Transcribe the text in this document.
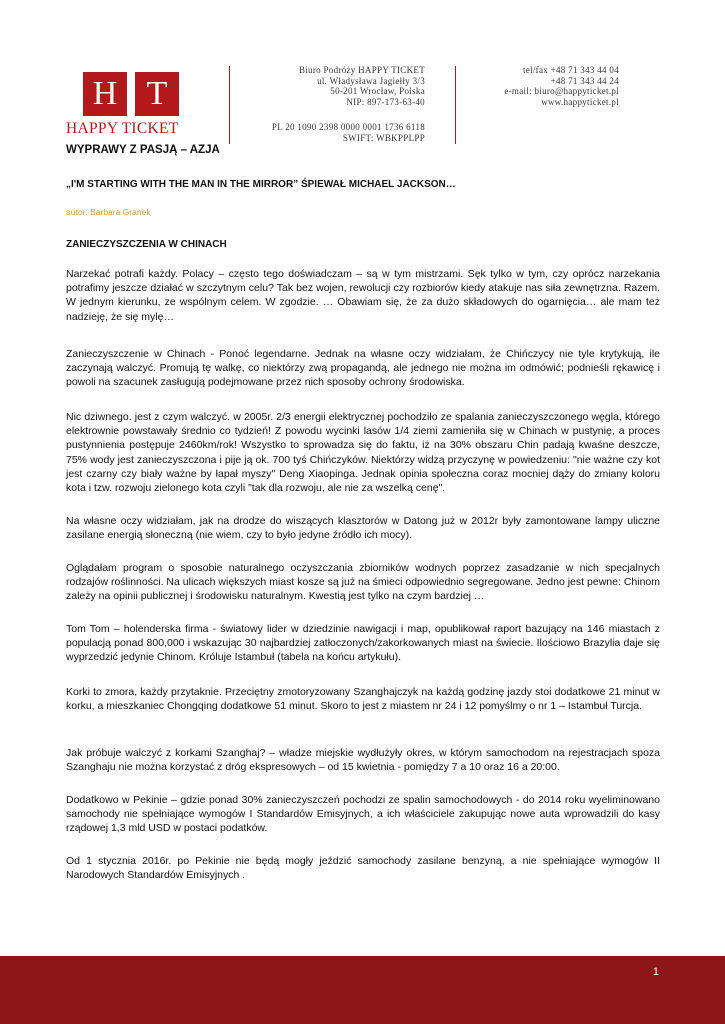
H T
HAPPY TICKET
Biuro Podróży HAPPY TICKET
ul. Władysława Jagiełły 3/3
50-201 Wrocław, Polska
NIP: 897-173-63-40
PL 20 1090 2398 0000 0001 1736 6118
SWIFT: WBKPPLPP
tel/fax +48 71 343 44 04
+48 71 343 44 24
e-mail: biuro@happyticket.pl
www.happyticket.pl
WYPRAWY Z PASJĄ – AZJA
„I'M STARTING WITH THE MAN IN THE MIRROR” ŚPIEWAŁ MICHAEL JACKSON…
autor: Barbara Granek
ZANIECZYSZCZENIA W CHINACH
Narzekać potrafi każdy. Polacy – często tego doświadczam – są w tym mistrzami. Sęk tylko w tym, czy oprócz narzekania potrafimy jeszcze działać w szczytnym celu? Tak bez wojen, rewolucji czy rozbiorów kiedy atakuje nas siła zewnętrzna. Razem. W jednym kierunku, ze wspólnym celem. W zgodzie. … Obawiam się, że za dużo składowych do ogarnięcia… ale mam też nadzieję, że się mylę…
Zanieczyszczenie w Chinach - Ponoć legendarne. Jednak na własne oczy widziałam, że Chińczycy nie tyle krytykują, ile zaczynają walczyć. Promują tę walkę, co niektórzy zwą propagandą, ale jednego nie można im odmówić; podnieśli rękawicę i powoli na szacunek zasługują podejmowane przez nich sposoby ochrony środowiska.
Nic dziwnego. jest z czym walczyć. w 2005r. 2/3 energii elektrycznej pochodziło ze spalania zanieczyszczonego węgla, którego elektrownie powstawały średnio co tydzień! Z powodu wycinki lasów 1/4 ziemi zamieniła się w Chinach w pustynię, a proces pustynnienia postępuje 2460km/rok! Wszystko to sprowadza się do faktu, iż na 30% obszaru Chin padają kwaśne deszcze, 75% wody jest zanieczyszczona i pije ją ok. 700 tyś Chińczyków. Niektórzy widzą przyczynę w powiedzeniu: "nie ważne czy kot jest czarny czy biały ważne by łapał myszy" Deng Xiaopinga. Jednak opinia społeczna coraz mocniej dąży do zmiany koloru kota i tzw. rozwoju zielonego kota czyli "tak dla rozwoju, ale nie za wszelką cenę".
Na własne oczy widziałam, jak na drodze do wiszących klasztorów w Datong już w 2012r były zamontowane lampy uliczne zasilane energią słoneczną (nie wiem, czy to było jedyne źródło ich mocy).
Oglądałam program o sposobie naturalnego oczyszczania zbiorników wodnych poprzez zasadzanie w nich specjalnych rodzajów roślinności. Na ulicach większych miast kosze są już na śmieci odpowiednio segregowane. Jedno jest pewne: Chinom zależy na opinii publicznej i środowisku naturalnym. Kwestią jest tylko na czym bardziej …
Tom Tom – holenderska firma - światowy lider w dziedzinie nawigacji i map, opublikował raport bazujący na 146 miastach z populacją ponad 800,000 i wskazując 30 najbardziej zatłoczonych/zakorkowanych miast na świecie. Ilościowo Brazylia daje się wyprzedzić jedynie Chinom. Króluje Istambuł (tabela na końcu artykułu).
Korki to zmora, każdy przytaknie. Przeciętny zmotoryzowany Szanghajczyk na każdą godzinę jazdy stoi dodatkowe 21 minut w korku, a mieszkaniec Chongqing dodatkowe 51 minut. Skoro to jest z miastem nr 24 i 12 pomyślmy o nr 1 – Istambuł Turcja.
Jak próbuje walczyć z korkami Szanghaj? – władze miejskie wydłużyły okres, w którym samochodom na rejestracjach spoza Szanghaju nie można korzystać z dróg ekspresowych – od 15 kwietnia - pomiędzy 7 a 10 oraz 16 a 20:00.
Dodatkowo w Pekinie – gdzie ponad 30% zanieczyszczeń pochodzi ze spalin samochodowych - do 2014 roku wyeliminowano samochody nie spełniające wymogów I Standardów Emisyjnych, a ich właściciele zakupując nowe auta wprowadzili do kasy rządowej 1,3 mld USD w postaci podatków.
Od 1 stycznia 2016r. po Pekinie nie będą mogły jeździć samochody zasilane benzyną, a nie spełniające wymogów II Narodowych Standardów Emisyjnych .
1
